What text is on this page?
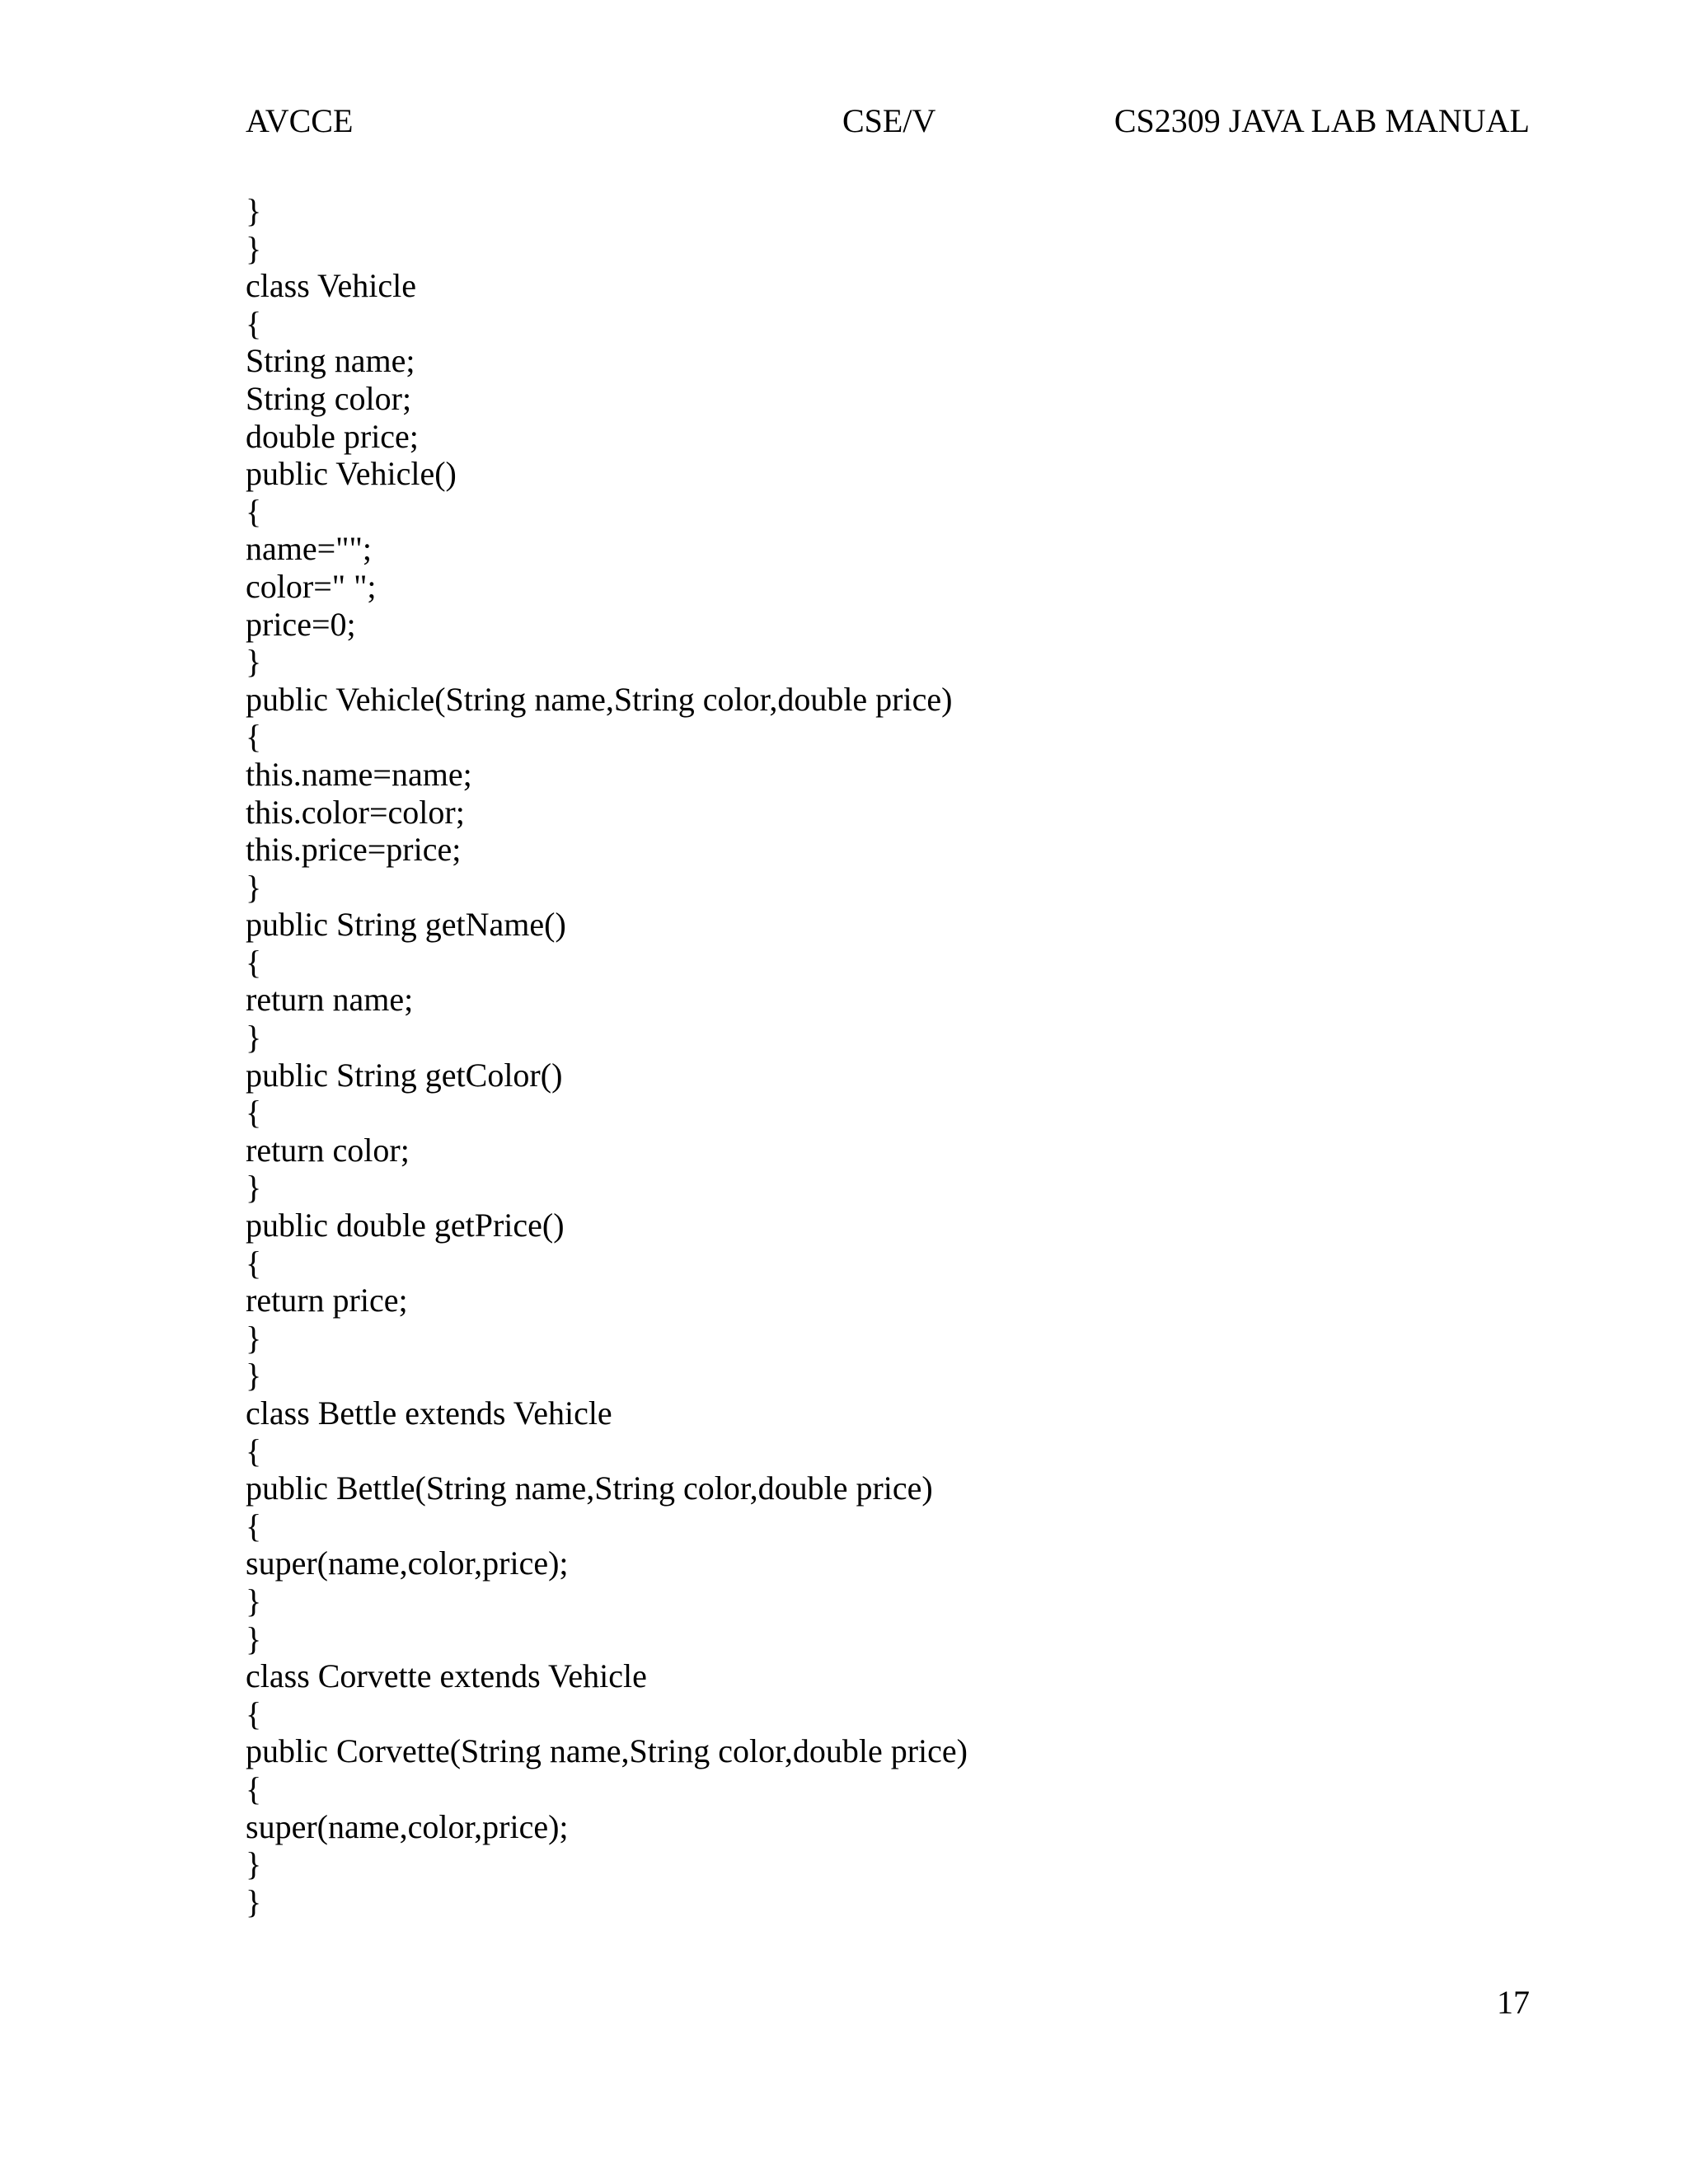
AVCCE	CSE/V	CS2309 JAVA LAB MANUAL
}
}
class Vehicle
{
String name;
String color;
double price;
public Vehicle()
{
name="";
color=" ";
price=0;
}
public Vehicle(String name,String color,double price)
{
this.name=name;
this.color=color;
this.price=price;
}
public String getName()
{
return name;
}
public String getColor()
{
return color;
}
public double getPrice()
{
return price;
}
}
class Bettle extends Vehicle
{
public Bettle(String name,String color,double price)
{
super(name,color,price);
}
}
class Corvette extends Vehicle
{
public Corvette(String name,String color,double price)
{
super(name,color,price);
}
}
17
